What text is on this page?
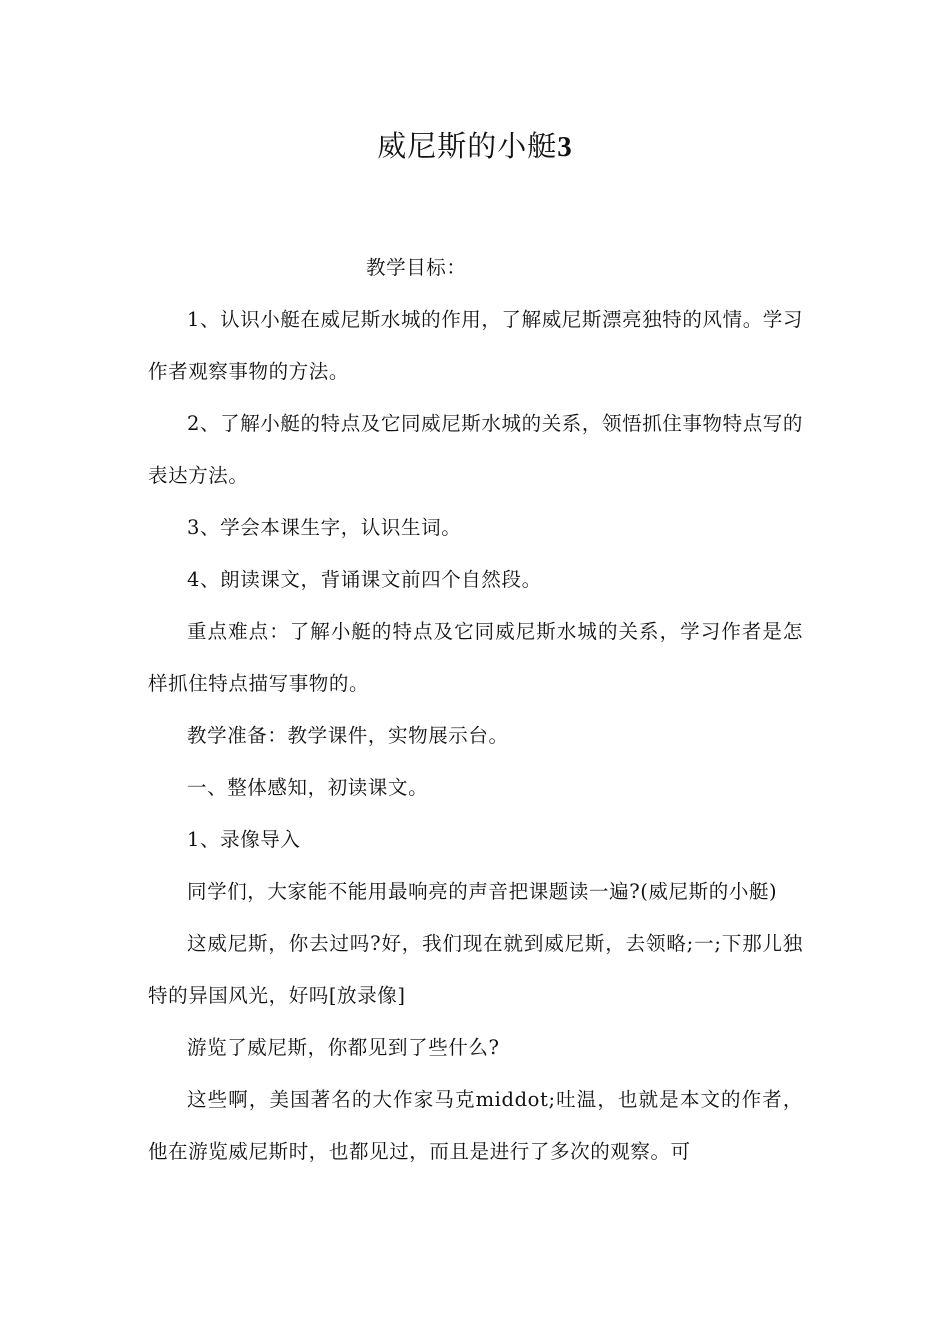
威尼斯的小艇3

教学目标：

1、认识小艇在威尼斯水城的作用，了解威尼斯漂亮独特的风情。学习作者观察事物的方法。

2、了解小艇的特点及它同威尼斯水城的关系，领悟抓住事物特点写的表达方法。

3、学会本课生字，认识生词。

4、朗读课文，背诵课文前四个自然段。

重点难点：了解小艇的特点及它同威尼斯水城的关系，学习作者是怎样抓住特点描写事物的。

教学准备：教学课件，实物展示台。

一、整体感知，初读课文。

1、录像导入

同学们，大家能不能用最响亮的声音把课题读一遍?(威尼斯的小艇)

这威尼斯，你去过吗?好，我们现在就到威尼斯，去领略;一;下那儿独特的异国风光，好吗[放录像]

游览了威尼斯，你都见到了些什么?

这些啊，美国著名的大作家马克middot;吐温，也就是本文的作者，他在游览威尼斯时，也都见过，而且是进行了多次的观察。可
